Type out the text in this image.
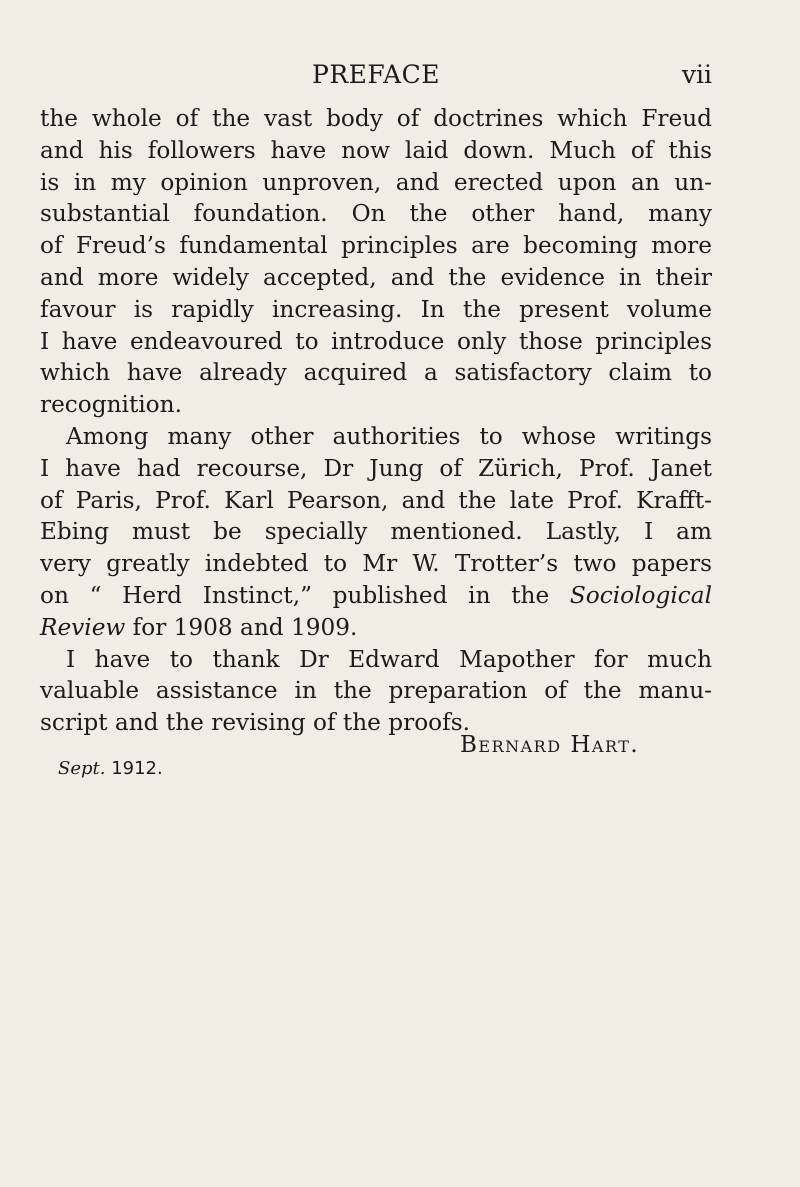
PREFACE	vii
the whole of the vast body of doctrines which Freud
and his followers have now laid down. Much of this
is in my opinion unproven, and erected upon an un-
substantial foundation. On the other hand, many
of Freud’s fundamental principles are becoming more
and more widely accepted, and the evidence in their
favour is rapidly increasing. In the present volume
I have endeavoured to introduce only those principles
which have already acquired a satisfactory claim to
recognition.
Among many other authorities to whose writings
I have had recourse, Dr Jung of Zürich, Prof. Janet
of Paris, Prof. Karl Pearson, and the late Prof. Krafft-
Ebing must be specially mentioned. Lastly, I am
very greatly indebted to Mr W. Trotter’s two papers
on “ Herd Instinct,” published in the Sociological
Review for 1908 and 1909.
I have to thank Dr Edward Mapother for much
valuable assistance in the preparation of the manu-
script and the revising of the proofs.
Bernard Hart.
Sept. 1912.
